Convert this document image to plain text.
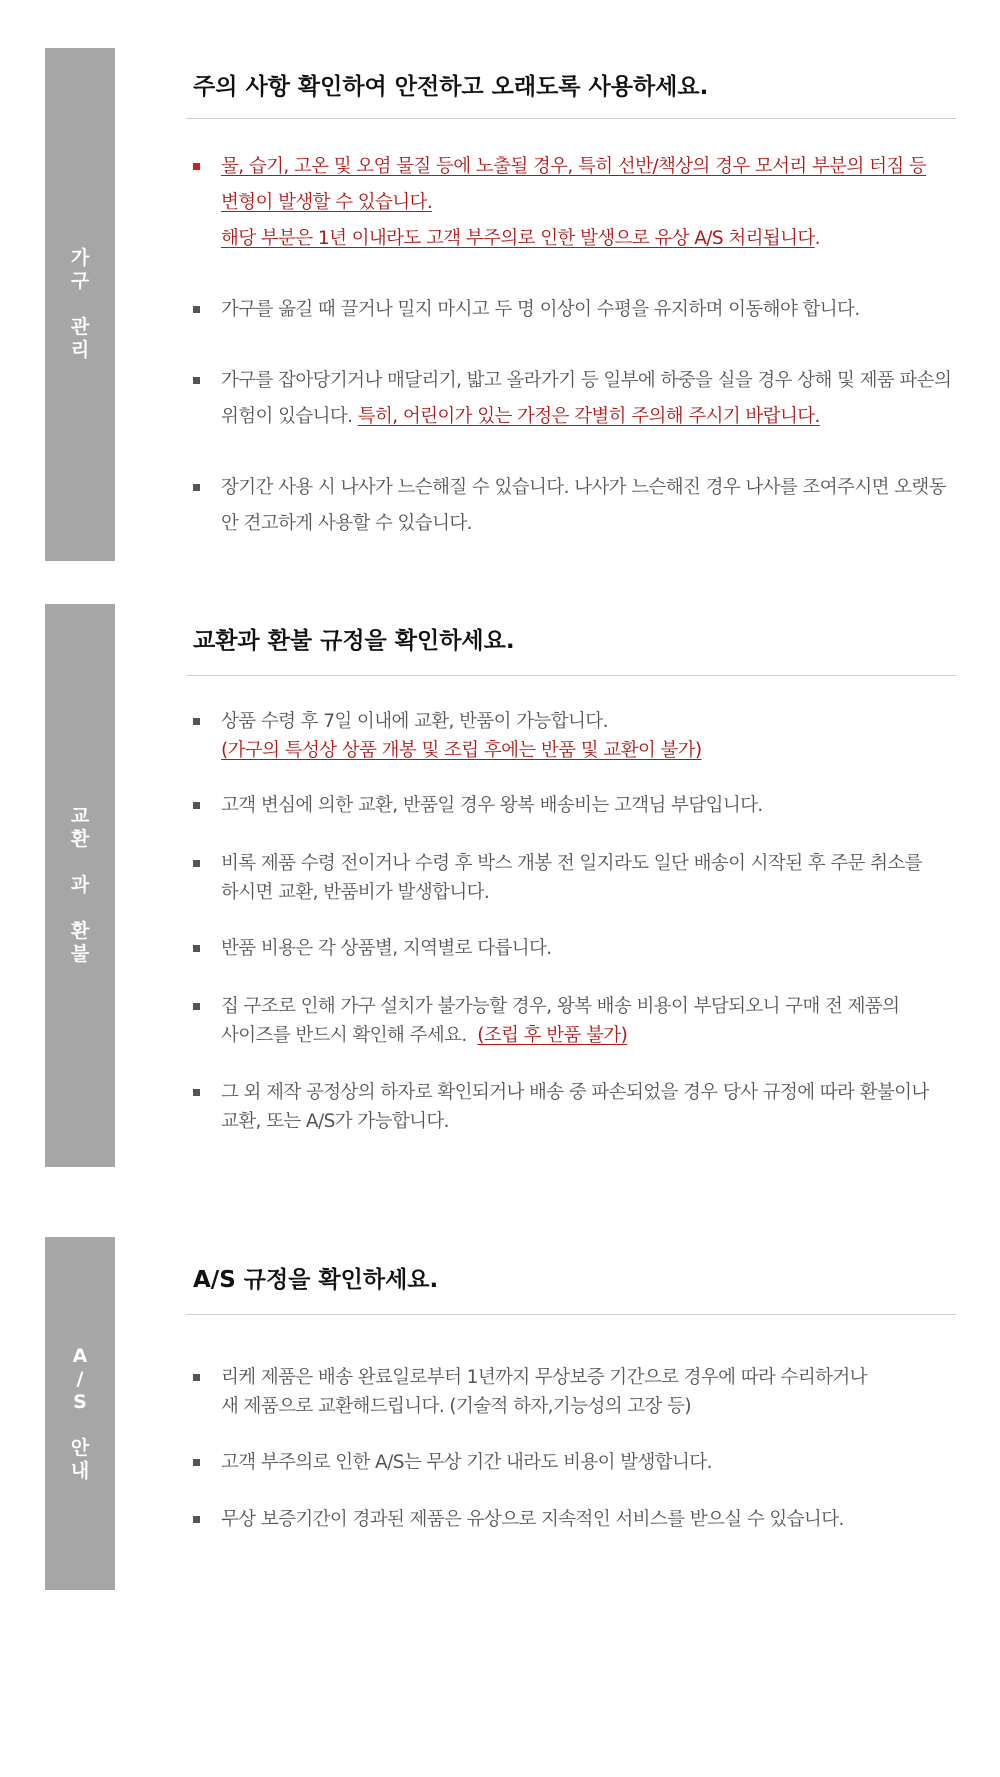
가
구

관
리
주의 사항 확인하여 안전하고 오래도록 사용하세요.
물, 습기, 고온 및 오염 물질 등에 노출될 경우, 특히 선반/책상의 경우 모서리 부분의 터짐 등
변형이 발생할 수 있습니다.
해당 부분은 1년 이내라도 고객 부주의로 인한 발생으로 유상 A/S 처리됩니다.
가구를 옮길 때 끌거나 밀지 마시고 두 명 이상이 수평을 유지하며 이동해야 합니다.
가구를 잡아당기거나 매달리기, 밟고 올라가기 등 일부에 하중을 실을 경우 상해 및 제품 파손의
위험이 있습니다. 특히, 어린이가 있는 가정은 각별히 주의해 주시기 바랍니다.
장기간 사용 시 나사가 느슨해질 수 있습니다. 나사가 느슨해진 경우 나사를 조여주시면 오랫동
안 견고하게 사용할 수 있습니다.
교
환

과

환
불
교환과 환불 규정을 확인하세요.
상품 수령 후 7일 이내에 교환, 반품이 가능합니다.
(가구의 특성상 상품 개봉 및 조립 후에는 반품 및 교환이 불가)
고객 변심에 의한 교환, 반품일 경우 왕복 배송비는 고객님 부담입니다.
비록 제품 수령 전이거나 수령 후 박스 개봉 전 일지라도 일단 배송이 시작된 후 주문 취소를
하시면 교환, 반품비가 발생합니다.
반품 비용은 각 상품별, 지역별로 다릅니다.
집 구조로 인해 가구 설치가 불가능할 경우, 왕복 배송 비용이 부담되오니 구매 전 제품의
사이즈를 반드시 확인해 주세요.  (조립 후 반품 불가)
그 외 제작 공정상의 하자로 확인되거나 배송 중 파손되었을 경우 당사 규정에 따라 환불이나
교환, 또는 A/S가 가능합니다.
A
/
S

안
내
A/S 규정을 확인하세요.
리케 제품은 배송 완료일로부터 1년까지 무상보증 기간으로 경우에 따라 수리하거나
새 제품으로 교환해드립니다. (기술적 하자,기능성의 고장 등)
고객 부주의로 인한 A/S는 무상 기간 내라도 비용이 발생합니다.
무상 보증기간이 경과된 제품은 유상으로 지속적인 서비스를 받으실 수 있습니다.
